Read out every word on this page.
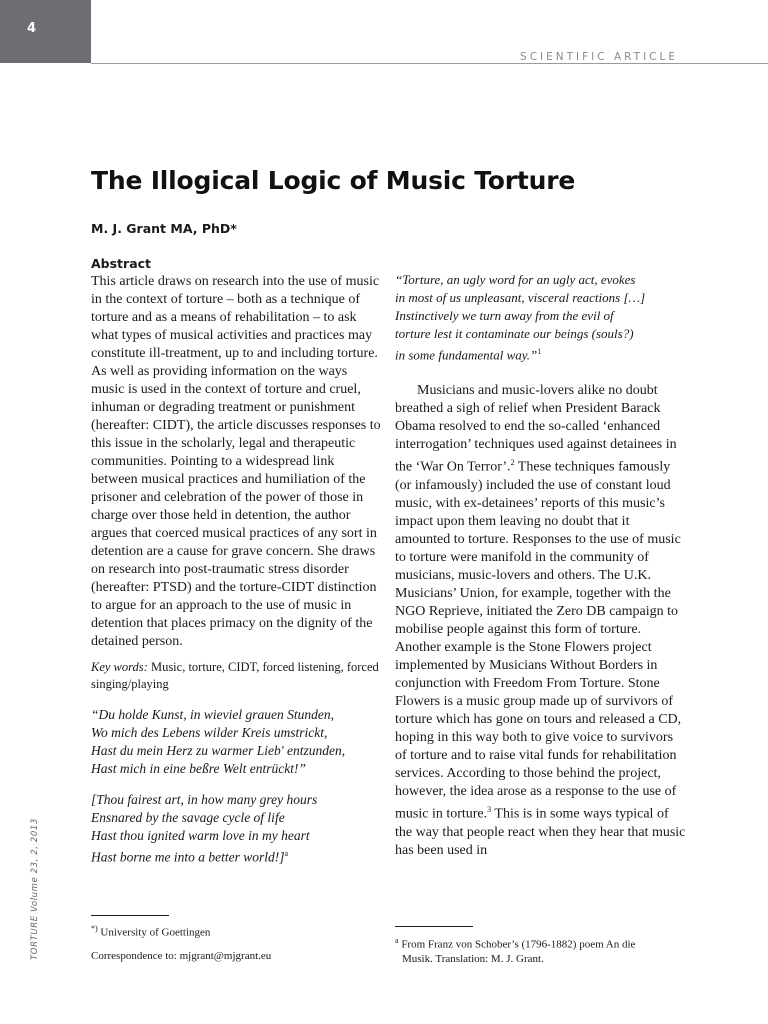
4
SCIENTIFIC ARTICLE
The Illogical Logic of Music Torture
M. J. Grant MA, PhD*
Abstract

This article draws on research into the use of music in the context of torture – both as a technique of torture and as a means of rehabilitation – to ask what types of musical activities and practices may constitute ill-treatment, up to and including torture. As well as providing information on the ways music is used in the context of torture and cruel, inhuman or degrading treatment or punishment (hereafter: CIDT), the article discusses responses to this issue in the scholarly, legal and therapeutic communities. Pointing to a widespread link between musical practices and humiliation of the prisoner and celebration of the power of those in charge over those held in detention, the author argues that coerced musical practices of any sort in detention are a cause for grave concern. She draws on research into post-traumatic stress disorder (hereafter: PTSD) and the torture-CIDT distinction to argue for an approach to the use of music in detention that places primacy on the dignity of the detained person.

Key words: Music, torture, CIDT, forced listening, forced singing/playing
“Du holde Kunst, in wieviel grauen Stunden,
Wo mich des Lebens wilder Kreis umstrickt,
Hast du mein Herz zu warmer Lieb' entzunden,
Hast mich in eine beßre Welt entrückt!”
[Thou fairest art, in how many grey hours
Ensnared by the savage cycle of life
Hast thou ignited warm love in my heart
Hast borne me into a better world!]$^a$
*) University of Goettingen
Correspondence to: mjgrant@mjgrant.eu
“Torture, an ugly word for an ugly act, evokes
in most of us unpleasant, visceral reactions […]
Instinctively we turn away from the evil of
torture lest it contaminate our beings (souls?)
in some fundamental way.”$^1$

Musicians and music-lovers alike no doubt breathed a sigh of relief when President Barack Obama resolved to end the so-called ‘enhanced interrogation’ techniques used against detainees in the ‘War On Terror’.$^2$ These techniques famously (or infamously) included the use of constant loud music, with ex-detainees’ reports of this music’s impact upon them leaving no doubt that it amounted to torture. Responses to the use of music to torture were manifold in the community of musicians, music-lovers and others. The U.K. Musicians’ Union, for example, together with the NGO Reprieve, initiated the Zero DB campaign to mobilise people against this form of torture. Another example is the Stone Flowers project implemented by Musicians Without Borders in conjunction with Freedom From Torture. Stone Flowers is a music group made up of survivors of torture which has gone on tours and released a CD, hoping in this way both to give voice to survivors of torture and to raise vital funds for rehabilitation services. According to those behind the project, however, the idea arose as a response to the use of music in torture.$^3$ This is in some ways typical of the way that people react when they hear that music has been used in

$^a$ From Franz von Schober’s (1796-1882) poem An die
Musik. Translation: M. J. Grant.
TORTURE Volume 23, 2, 2013
